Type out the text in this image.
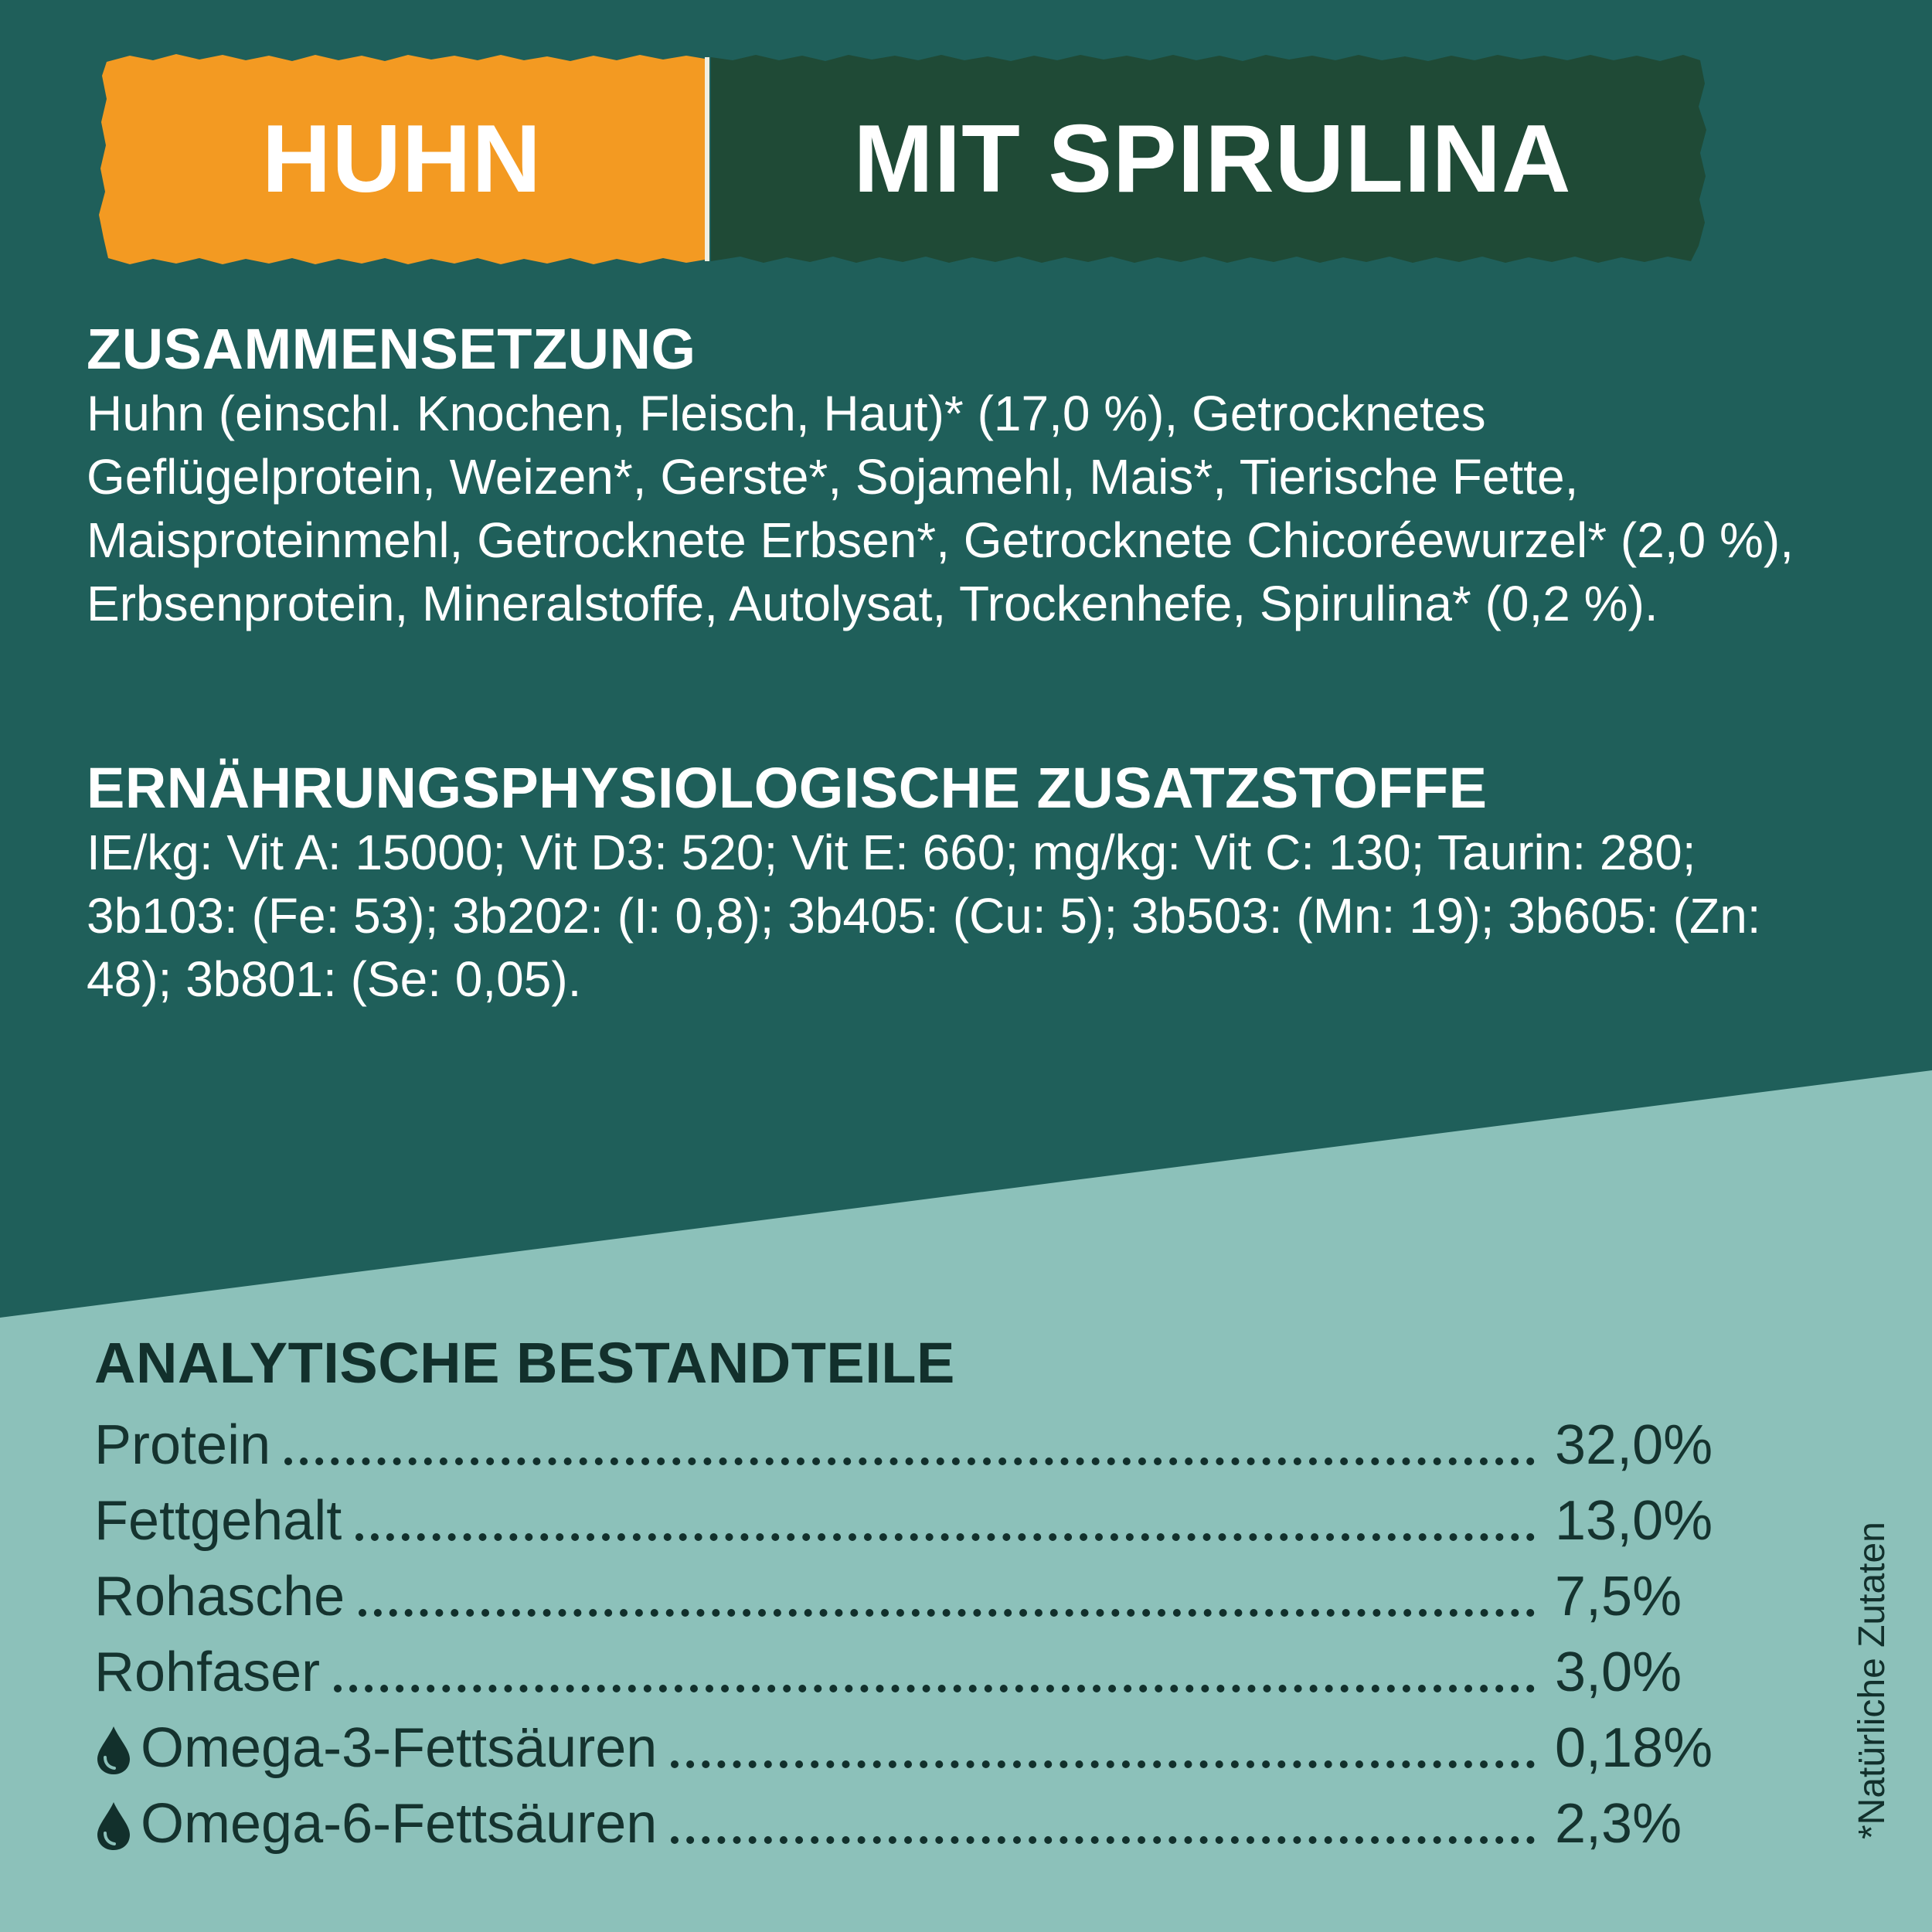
HUHN	MIT SPIRULINA
ZUSAMMENSETZUNG
Huhn (einschl. Knochen, Fleisch, Haut)* (17,0 %), Getrocknetes Geflügelprotein, Weizen*, Gerste*, Sojamehl, Mais*, Tierische Fette, Maisproteinmehl, Getrocknete Erbsen*, Getrocknete Chicoréewurzel* (2,0 %), Erbsenprotein, Mineralstoffe, Autolysat, Trockenhefe, Spirulina* (0,2 %).
ERNÄHRUNGSPHYSIOLOGISCHE ZUSATZSTOFFE
IE/kg: Vit A: 15000; Vit D3: 520; Vit E: 660; mg/kg: Vit C: 130; Taurin: 280; 3b103: (Fe: 53); 3b202: (I: 0,8); 3b405: (Cu: 5); 3b503: (Mn: 19); 3b605: (Zn: 48); 3b801: (Se: 0,05).
ANALYTISCHE BESTANDTEILE
Protein	32,0%
Fettgehalt	13,0%
Rohasche	7,5%
Rohfaser	3,0%
Omega-3-Fettsäuren	0,18%
Omega-6-Fettsäuren	2,3%	*Natürliche Zutaten
